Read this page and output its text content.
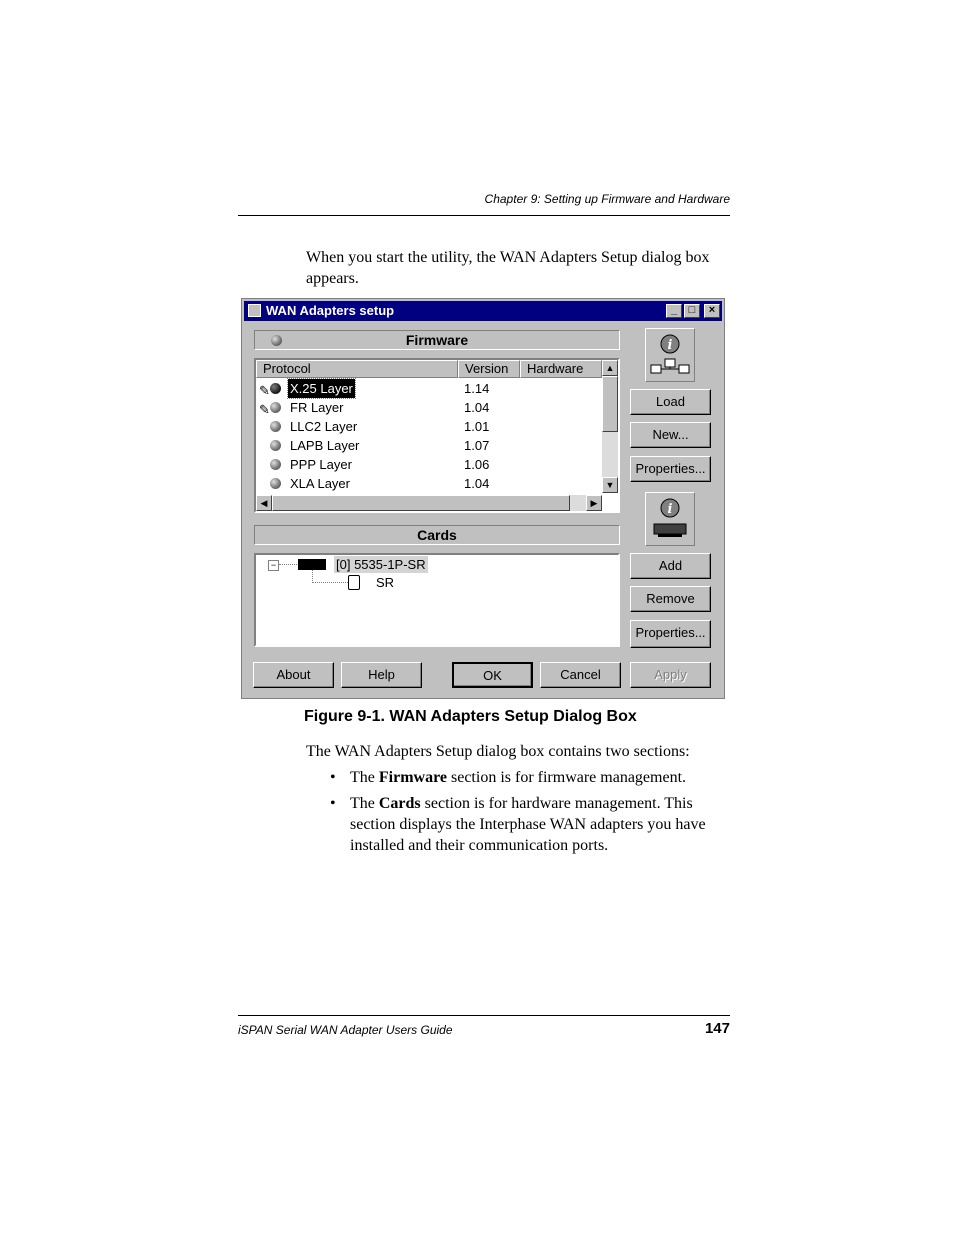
Chapter 9: Setting up Firmware and Hardware
When you start the utility, the WAN Adapters Setup dialog box appears.
WAN Adapters setup	_	□	×
Firmware
Protocol	Version	Hardware
✎ X.25 Layer	1.14
✎ FR Layer	1.04
LLC2 Layer	1.01
LAPB Layer	1.07
PPP Layer	1.06
XLA Layer	1.04
▲
▼
◀	▶
i
Load
New...
Properties...
Cards
−	[0] 5535-1P-SR
SR
i
Add
Remove
Properties...
About	Help	OK	Cancel	Apply
Figure 9-1. WAN Adapters Setup Dialog Box
The WAN Adapters Setup dialog box contains two sections:
• The Firmware section is for firmware management.
• The Cards section is for hardware management. This section displays the Interphase WAN adapters you have installed and their communication ports.
iSPAN Serial WAN Adapter Users Guide	147
